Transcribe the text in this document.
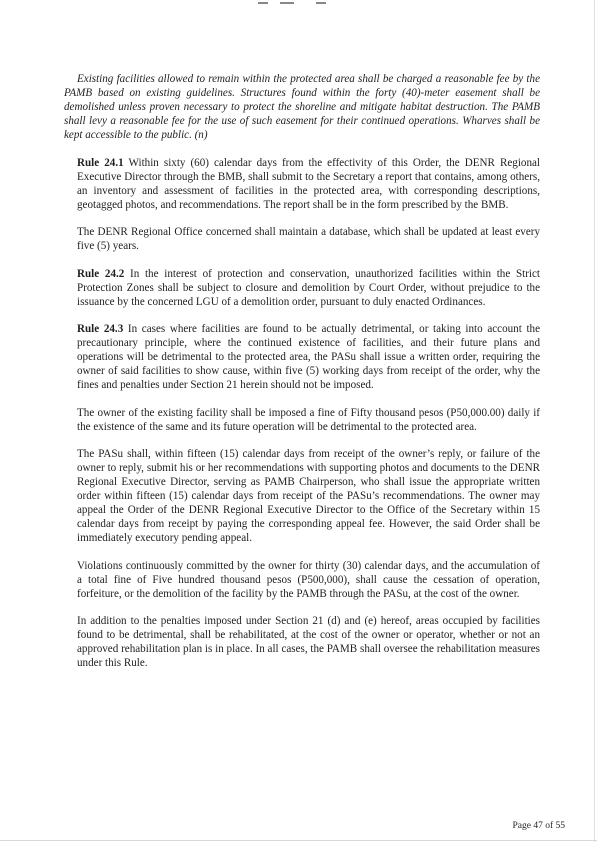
Existing facilities allowed to remain within the protected area shall be charged a reasonable fee by the PAMB based on existing guidelines. Structures found within the forty (40)-meter easement shall be demolished unless proven necessary to protect the shoreline and mitigate habitat destruction. The PAMB shall levy a reasonable fee for the use of such easement for their continued operations. Wharves shall be kept accessible to the public. (n)

Rule 24.1 Within sixty (60) calendar days from the effectivity of this Order, the DENR Regional Executive Director through the BMB, shall submit to the Secretary a report that contains, among others, an inventory and assessment of facilities in the protected area, with corresponding descriptions, geotagged photos, and recommendations. The report shall be in the form prescribed by the BMB.

The DENR Regional Office concerned shall maintain a database, which shall be updated at least every five (5) years.

Rule 24.2 In the interest of protection and conservation, unauthorized facilities within the Strict Protection Zones shall be subject to closure and demolition by Court Order, without prejudice to the issuance by the concerned LGU of a demolition order, pursuant to duly enacted Ordinances.

Rule 24.3 In cases where facilities are found to be actually detrimental, or taking into account the precautionary principle, where the continued existence of facilities, and their future plans and operations will be detrimental to the protected area, the PASu shall issue a written order, requiring the owner of said facilities to show cause, within five (5) working days from receipt of the order, why the fines and penalties under Section 21 herein should not be imposed.

The owner of the existing facility shall be imposed a fine of Fifty thousand pesos (P50,000.00) daily if the existence of the same and its future operation will be detrimental to the protected area.

The PASu shall, within fifteen (15) calendar days from receipt of the owner’s reply, or failure of the owner to reply, submit his or her recommendations with supporting photos and documents to the DENR Regional Executive Director, serving as PAMB Chairperson, who shall issue the appropriate written order within fifteen (15) calendar days from receipt of the PASu’s recommendations. The owner may appeal the Order of the DENR Regional Executive Director to the Office of the Secretary within 15 calendar days from receipt by paying the corresponding appeal fee. However, the said Order shall be immediately executory pending appeal.

Violations continuously committed by the owner for thirty (30) calendar days, and the accumulation of a total fine of Five hundred thousand pesos (P500,000), shall cause the cessation of operation, forfeiture, or the demolition of the facility by the PAMB through the PASu, at the cost of the owner.

In addition to the penalties imposed under Section 21 (d) and (e) hereof, areas occupied by facilities found to be detrimental, shall be rehabilitated, at the cost of the owner or operator, whether or not an approved rehabilitation plan is in place. In all cases, the PAMB shall oversee the rehabilitation measures under this Rule.

Page 47 of 55
